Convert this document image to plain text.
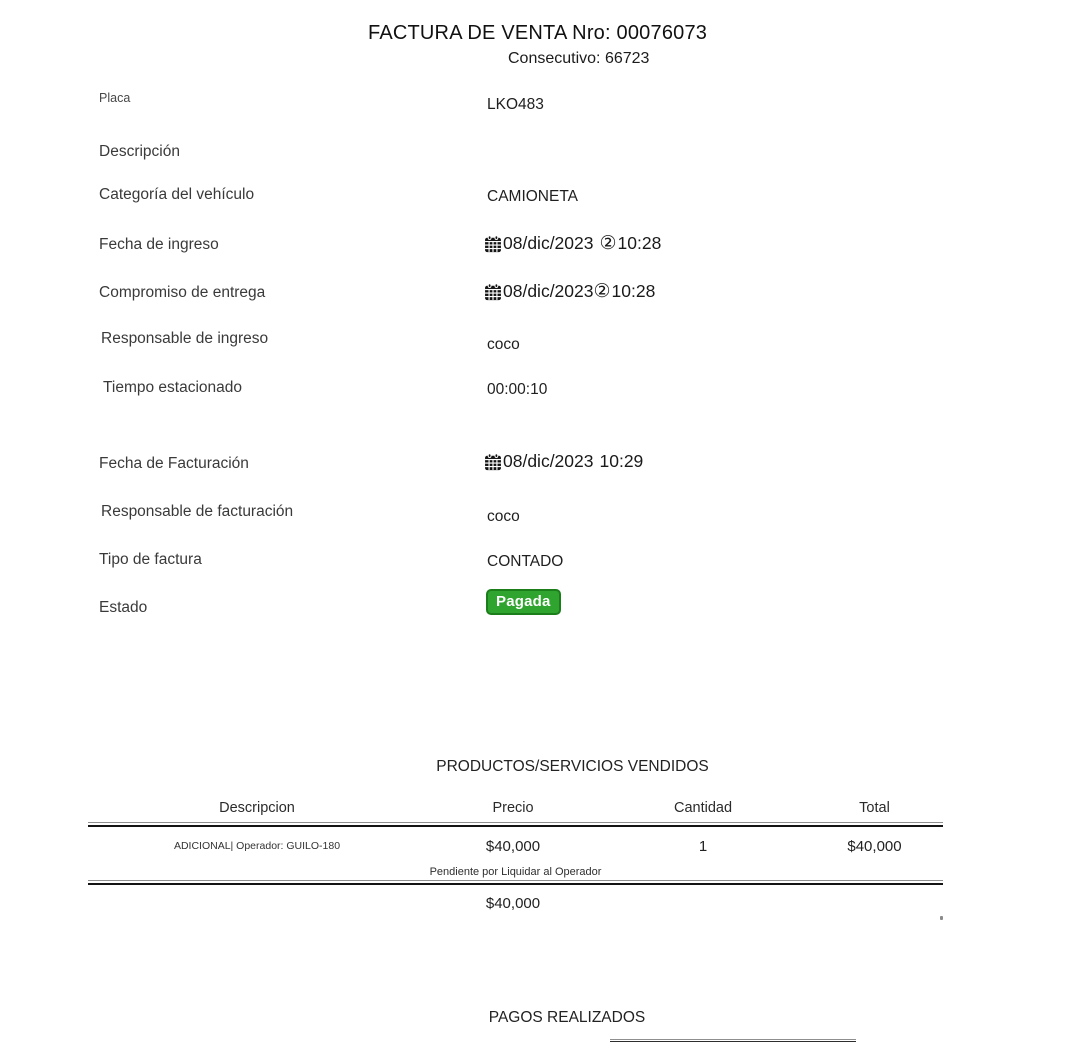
FACTURA DE VENTA Nro: 00076073
Consecutivo: 66723
Placa	LKO483
Descripción
Categoría del vehículo	CAMIONETA
Fecha de ingreso	08/dic/2023 ② 10:28
Compromiso de entrega	08/dic/2023 ② 10:28
Responsable de ingreso	coco
Tiempo estacionado	00:00:10
Fecha de Facturación	08/dic/2023 10:29
Responsable de facturación	coco
Tipo de factura	CONTADO
Estado	Pagada
PRODUCTOS/SERVICIOS VENDIDOS
Descripcion	Precio	Cantidad	Total
ADICIONAL| Operador: GUILO-180	$40,000	1	$40,000
Pendiente por Liquidar al Operador
$40,000
PAGOS REALIZADOS
